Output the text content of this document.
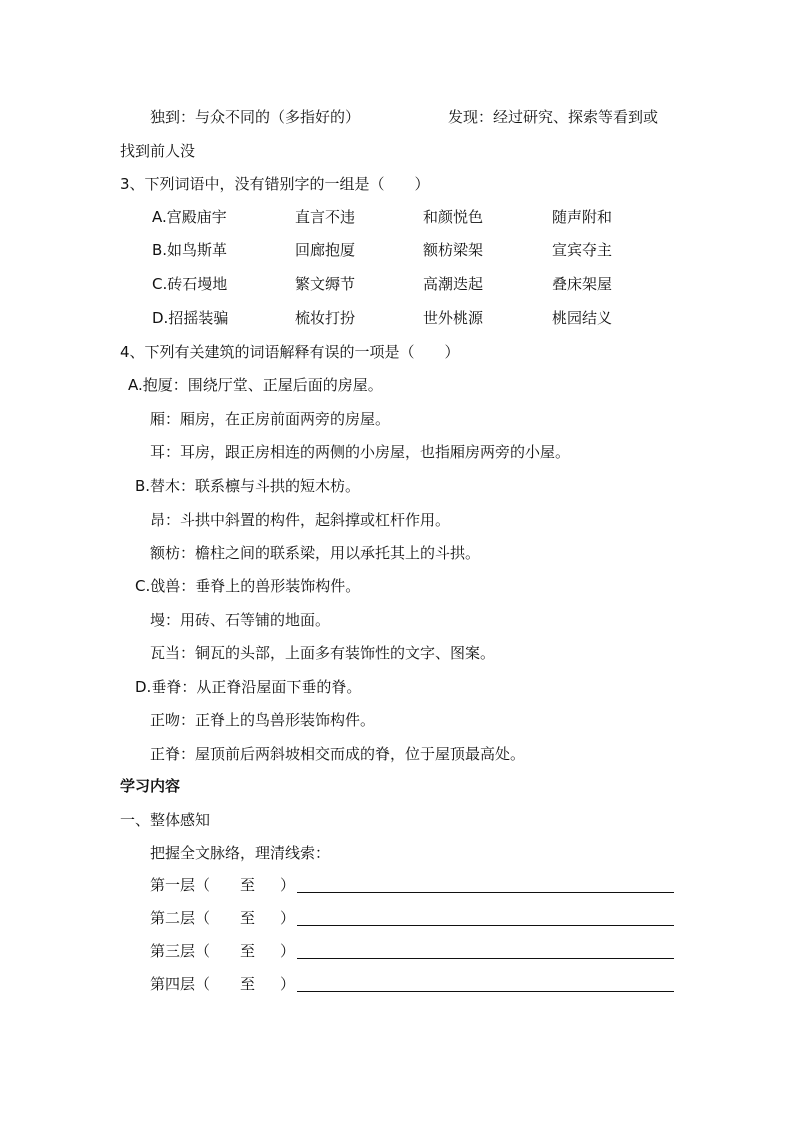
独到：与众不同的（多指好的）	发现：经过研究、探索等看到或
找到前人没
3、下列词语中，没有错别字的一组是（　　）
A.宫殿庙宇	直言不违	和颜悦色	随声附和
B.如鸟斯革	回廊抱厦	额枋梁架	宣宾夺主
C.砖石墁地	繁文缛节	高潮迭起	叠床架屋
D.招摇装骗	梳妆打扮	世外桃源	桃园结义
4、下列有关建筑的词语解释有误的一项是（　　）
A.抱厦：围绕厅堂、正屋后面的房屋。
厢：厢房，在正房前面两旁的房屋。
耳：耳房，跟正房相连的两侧的小房屋，也指厢房两旁的小屋。
B.替木：联系檩与斗拱的短木枋。
昂：斗拱中斜置的构件，起斜撑或杠杆作用。
额枋：檐柱之间的联系梁，用以承托其上的斗拱。
C.戗兽：垂脊上的兽形装饰构件。
墁：用砖、石等铺的地面。
瓦当：铜瓦的头部，上面多有装饰性的文字、图案。
D.垂脊：从正脊沿屋面下垂的脊。
正吻：正脊上的鸟兽形装饰构件。
正脊：屋顶前后两斜坡相交而成的脊，位于屋顶最高处。
学习内容
一、整体感知
把握全文脉络，理清线索：
第一层（ 至 ）
第二层（ 至 ）
第三层（ 至 ）
第四层（ 至 ）
